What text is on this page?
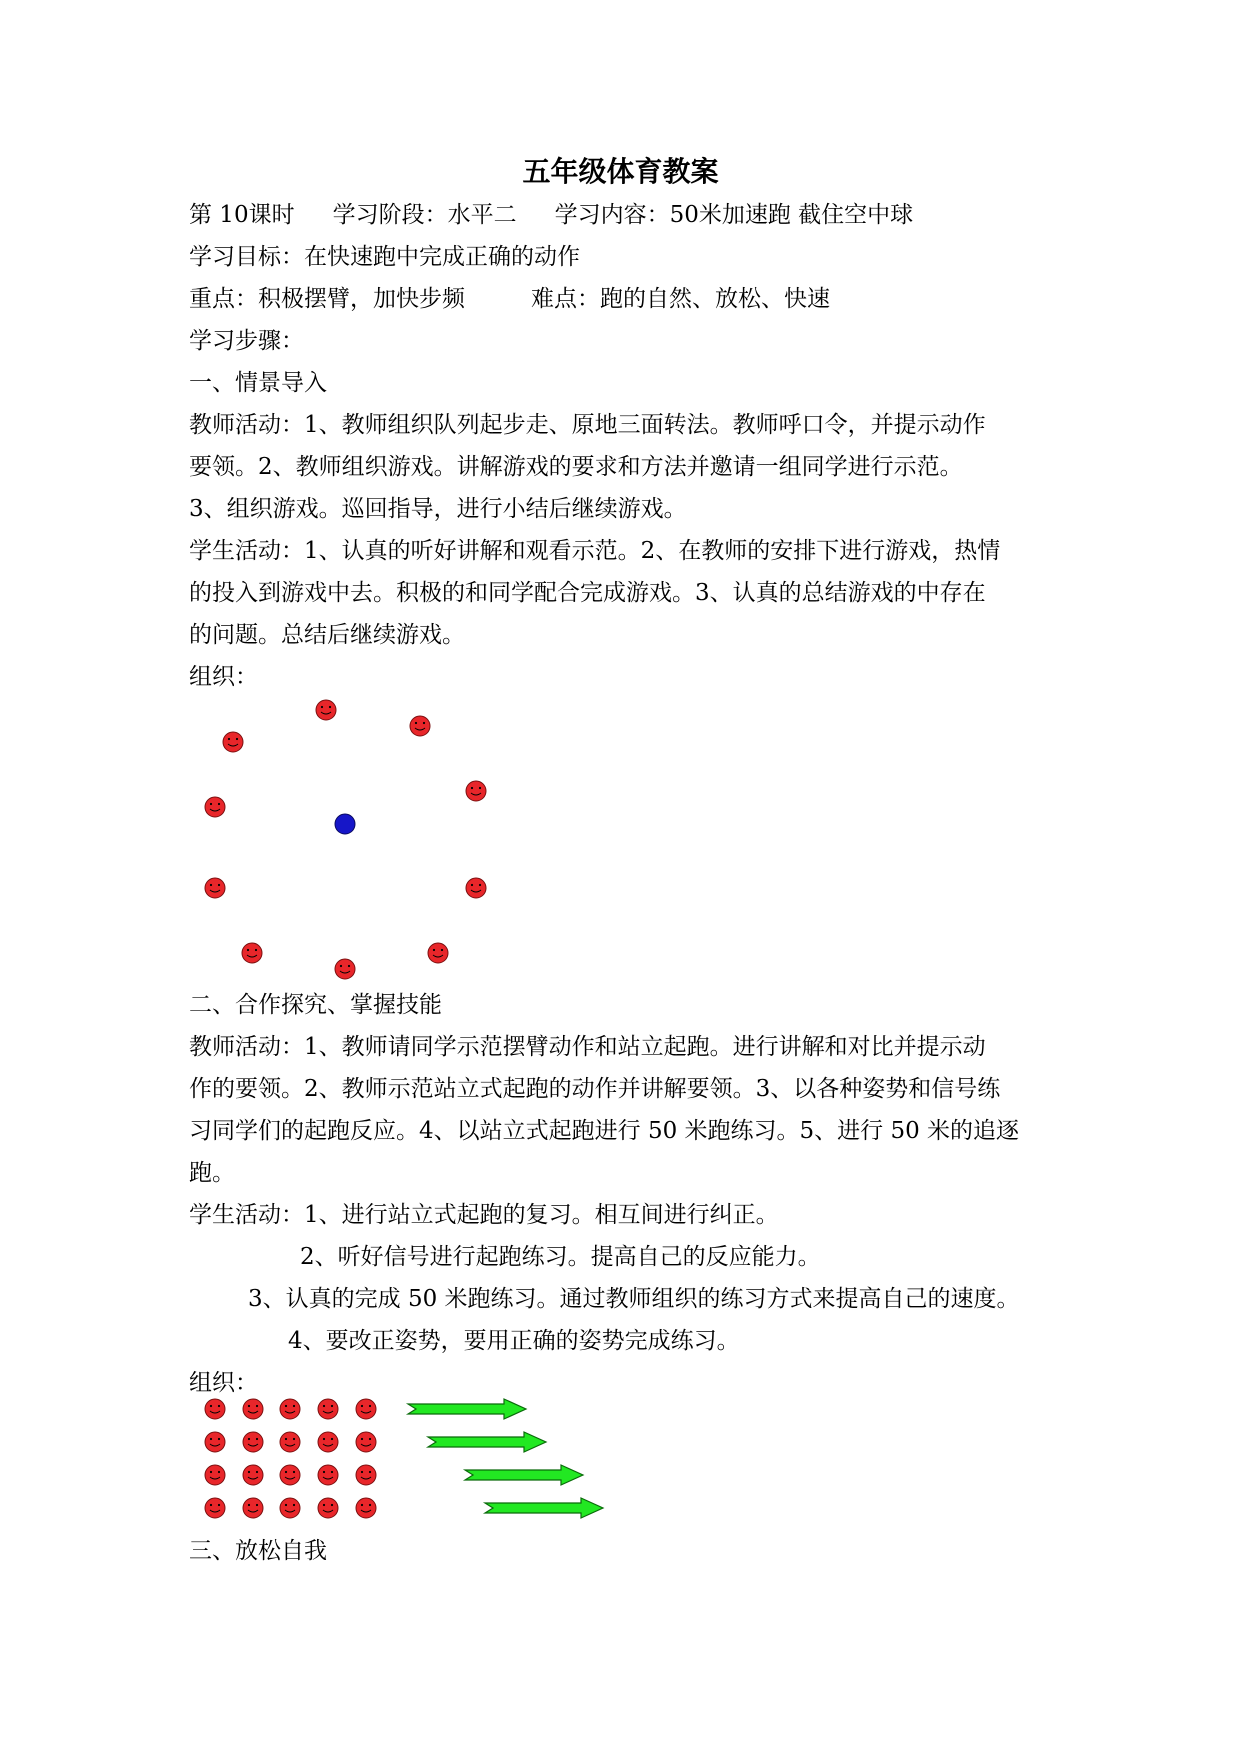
五年级体育教案
第 10课时 学习阶段：水平二 学习内容：50米加速跑 截住空中球
学习目标：在快速跑中完成正确的动作
重点：积极摆臂，加快步频	难点：跑的自然、放松、快速
学习步骤：
一、情景导入
教师活动：1、教师组织队列起步走、原地三面转法。教师呼口令，并提示动作
要领。2、教师组织游戏。讲解游戏的要求和方法并邀请一组同学进行示范。
3、组织游戏。巡回指导，进行小结后继续游戏。
学生活动：1、认真的听好讲解和观看示范。2、在教师的安排下进行游戏，热情
的投入到游戏中去。积极的和同学配合完成游戏。3、认真的总结游戏的中存在
的问题。总结后继续游戏。
组织：
二、合作探究、掌握技能
教师活动：1、教师请同学示范摆臂动作和站立起跑。进行讲解和对比并提示动
作的要领。2、教师示范站立式起跑的动作并讲解要领。3、以各种姿势和信号练
习同学们的起跑反应。4、以站立式起跑进行 50 米跑练习。5、进行 50 米的追逐
跑。
学生活动：1、进行站立式起跑的复习。相互间进行纠正。
2、听好信号进行起跑练习。提高自己的反应能力。
3、认真的完成 50 米跑练习。通过教师组织的练习方式来提高自己的速度。
4、要改正姿势，要用正确的姿势完成练习。
组织：
三、放松自我
